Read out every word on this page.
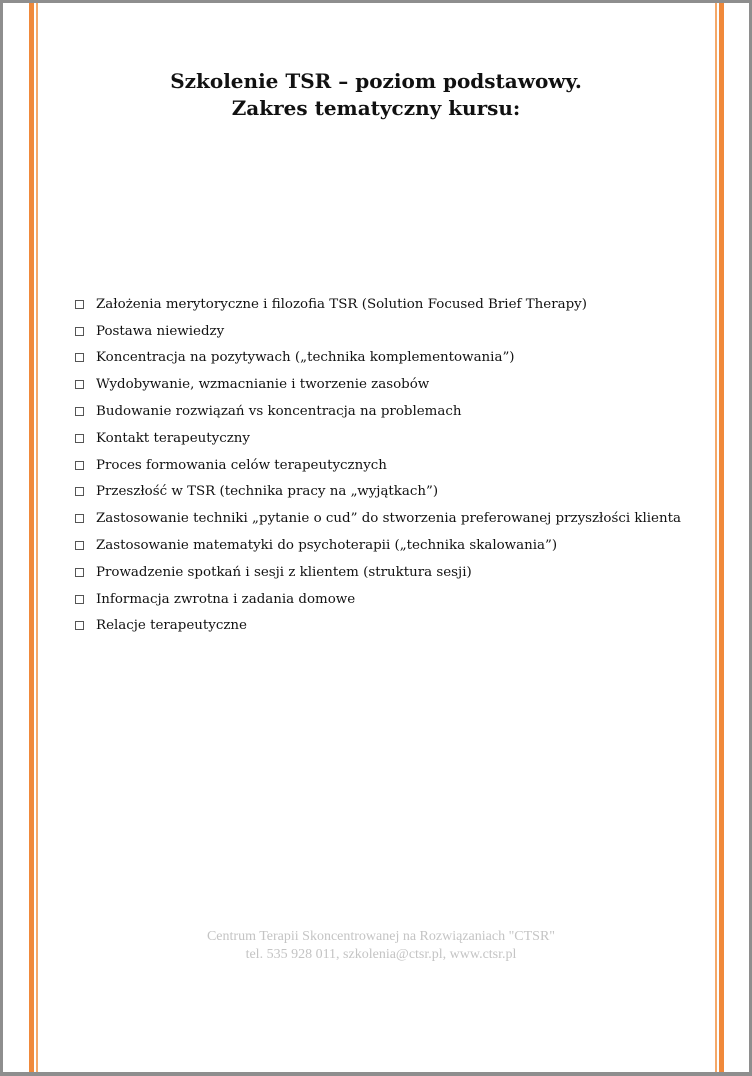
Szkolenie TSR – poziom podstawowy.
Zakres tematyczny kursu:
Założenia merytoryczne i filozofia TSR (Solution Focused Brief Therapy)
Postawa niewiedzy
Koncentracja na pozytywach („technika komplementowania”)
Wydobywanie, wzmacnianie i tworzenie zasobów
Budowanie rozwiązań vs koncentracja na problemach
Kontakt terapeutyczny
Proces formowania celów terapeutycznych
Przeszłość w TSR (technika pracy na „wyjątkach”)
Zastosowanie techniki „pytanie o cud” do stworzenia preferowanej przyszłości klienta
Zastosowanie matematyki do psychoterapii („technika skalowania”)
Prowadzenie spotkań i sesji z klientem (struktura sesji)
Informacja zwrotna i zadania domowe
Relacje terapeutyczne
Centrum Terapii Skoncentrowanej na Rozwiązaniach "CTSR"
tel. 535 928 011, szkolenia@ctsr.pl, www.ctsr.pl
